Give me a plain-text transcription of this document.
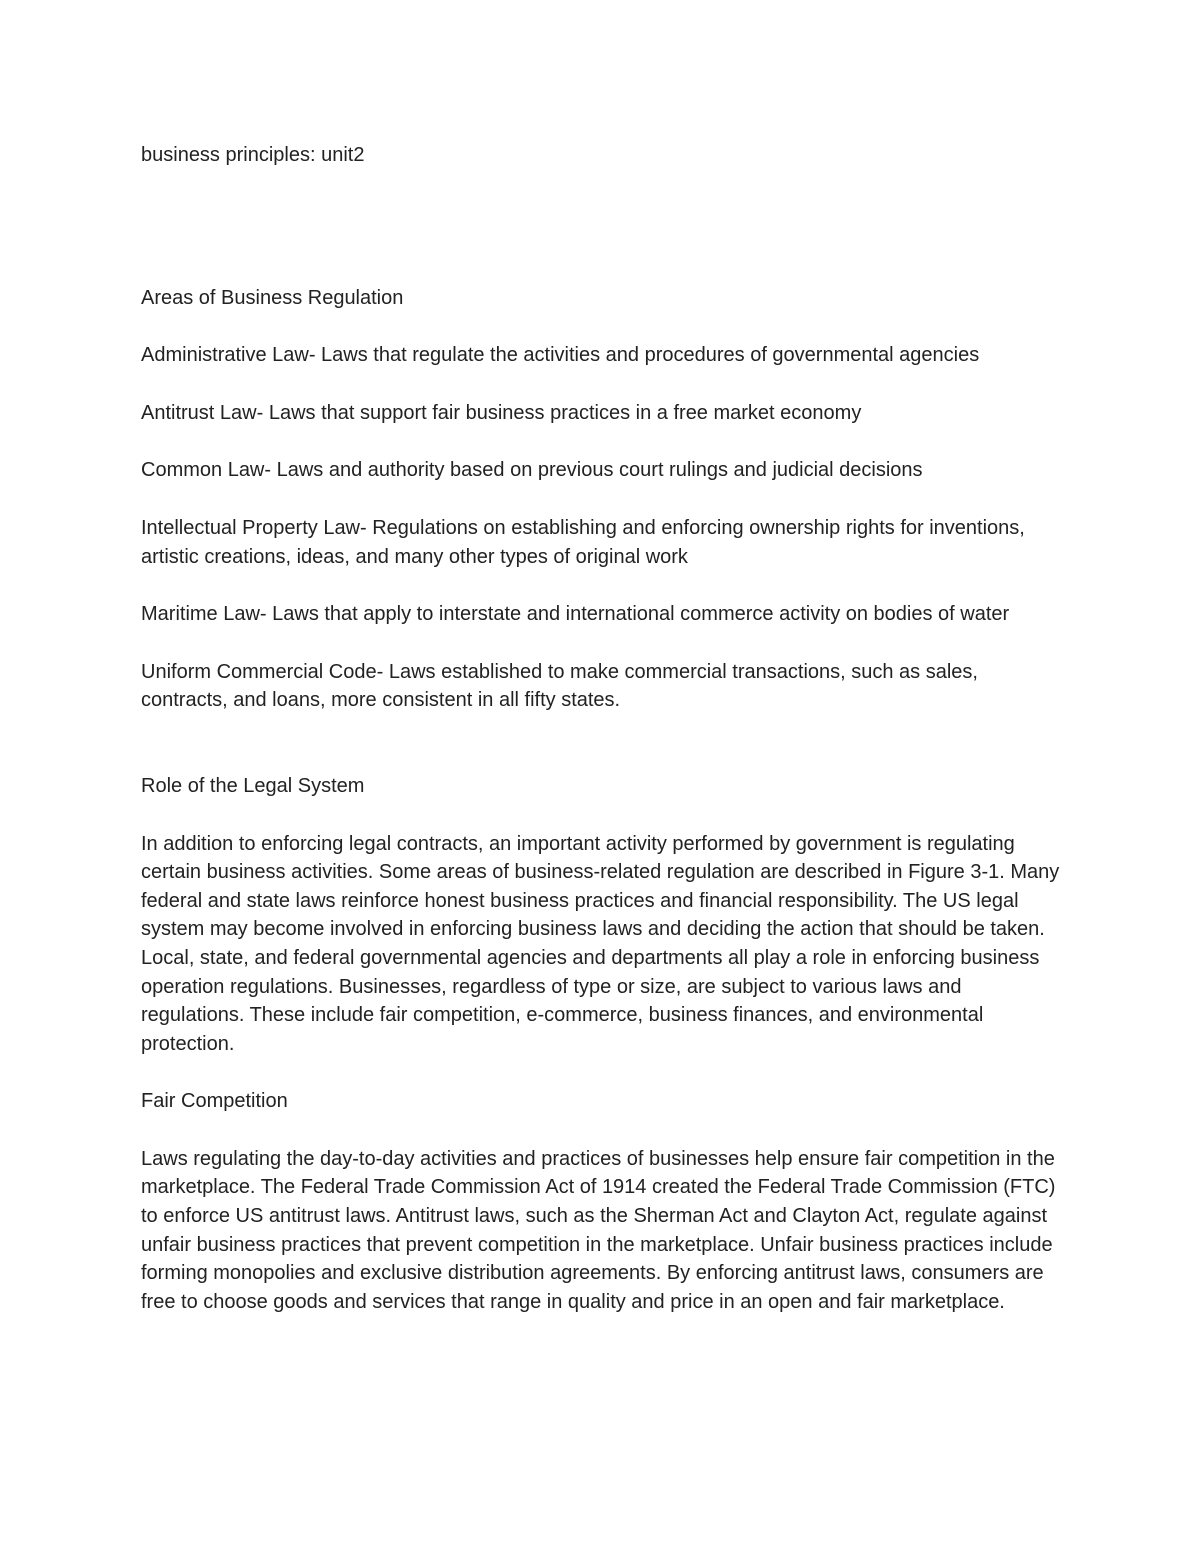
business principles: unit2

Areas of Business Regulation

Administrative Law- Laws that regulate the activities and procedures of governmental agencies

Antitrust Law- Laws that support fair business practices in a free market economy

Common Law- Laws and authority based on previous court rulings and judicial decisions

Intellectual Property Law- Regulations on establishing and enforcing ownership rights for inventions, artistic creations, ideas, and many other types of original work

Maritime Law- Laws that apply to interstate and international commerce activity on bodies of water

Uniform Commercial Code- Laws established to make commercial transactions, such as sales, contracts, and loans, more consistent in all fifty states.

Role of the Legal System

In addition to enforcing legal contracts, an important activity performed by government is regulating certain business activities. Some areas of business-related regulation are described in Figure 3-1. Many federal and state laws reinforce honest business practices and financial responsibility. The US legal system may become involved in enforcing business laws and deciding the action that should be taken. Local, state, and federal governmental agencies and departments all play a role in enforcing business operation regulations. Businesses, regardless of type or size, are subject to various laws and regulations. These include fair competition, e-commerce, business finances, and environmental protection.

Fair Competition

Laws regulating the day-to-day activities and practices of businesses help ensure fair competition in the marketplace. The Federal Trade Commission Act of 1914 created the Federal Trade Commission (FTC) to enforce US antitrust laws. Antitrust laws, such as the Sherman Act and Clayton Act, regulate against unfair business practices that prevent competition in the marketplace. Unfair business practices include forming monopolies and exclusive distribution agreements. By enforcing antitrust laws, consumers are free to choose goods and services that range in quality and price in an open and fair marketplace.
